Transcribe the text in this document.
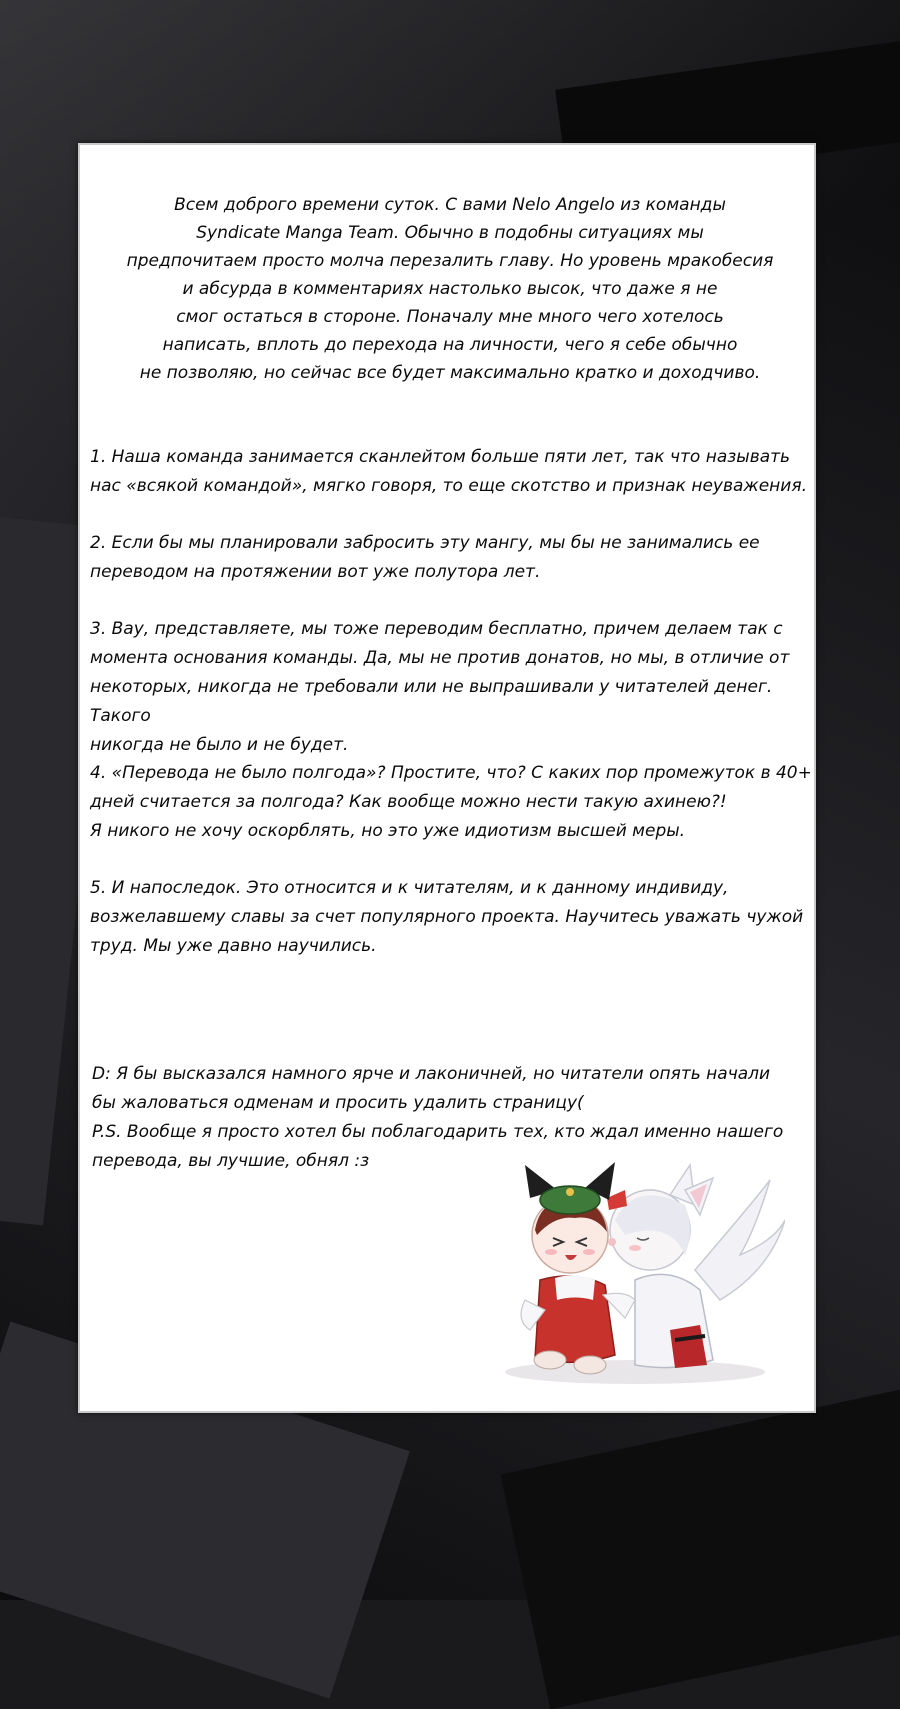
Всем доброго времени суток. С вами Nelo Angelo из команды
Syndicate Manga Team. Обычно в подобны ситуациях мы
предпочитаем просто молча перезалить главу. Но уровень мракобесия
и абсурда в комментариях настолько высок, что даже я не
смог остаться в стороне. Поначалу мне много чего хотелось
написать, вплоть до перехода на личности, чего я себе обычно
не позволяю, но сейчас все будет максимально кратко и доходчиво.

1. Наша команда занимается сканлейтом больше пяти лет, так что называть
нас «всякой командой», мягко говоря, то еще скотство и признак неуважения.

2. Если бы мы планировали забросить эту мангу, мы бы не занимались ее
переводом на протяжении вот уже полутора лет.

3. Вау, представляете, мы тоже переводим бесплатно, причем делаем так с
момента основания команды. Да, мы не против донатов, но мы, в отличие от
некоторых, никогда не требовали или не выпрашивали у читателей денег. Такого
никогда не было и не будет.

4. «Перевода не было полгода»? Простите, что? С каких пор промежуток в 40+
дней считается за полгода? Как вообще можно нести такую ахинею?!
Я никого не хочу оскорблять, но это уже идиотизм высшей меры.

5. И напоследок. Это относится и к читателям, и к данному индивиду,
возжелавшему славы за счет популярного проекта. Научитесь уважать чужой
труд. Мы уже давно научились.

D: Я бы высказался намного ярче и лаконичней, но читатели опять начали
бы жаловаться одменам и просить удалить страницу(

P.S. Вообще я просто хотел бы поблагодарить тех, кто ждал именно нашего
перевода, вы лучшие, обнял :з
